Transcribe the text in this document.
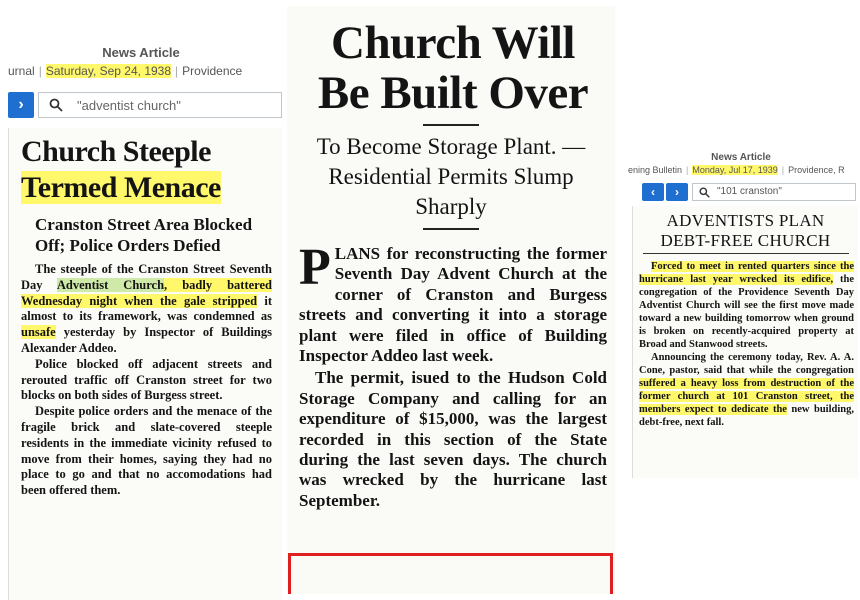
News Article
urnal | Saturday, Sep 24, 1938 | Providence
›	"adventist church"
Church Steeple
Termed Menace
Cranston Street Area Blocked Off; Police Orders Defied

The steeple of the Cranston Street Seventh Day Adventist Church, badly battered Wednesday night when the gale stripped it almost to its framework, was condemned as unsafe yesterday by Inspector of Buildings Alexander Addeo.

Police blocked off adjacent streets and rerouted traffic off Cranston street for two blocks on both sides of Burgess street.

Despite police orders and the menace of the fragile brick and slate-covered steeple residents in the immediate vicinity refused to move from their homes, saying they had no place to go and that no accomodations had been offered them.

Church Will
Be Built Over
To Become Storage Plant. —Residential Permits Slump Sharply

PLANS for reconstructing the former Seventh Day Advent Church at the corner of Cranston and Burgess streets and converting it into a storage plant were filed in office of Building Inspector Addeo last week.

The permit, isued to the Hudson Cold Storage Company and calling for an expenditure of $15,000, was the largest recorded in this section of the State during the last seven days. The church was wrecked by the hurricane last September.

News Article
ening Bulletin | Monday, Jul 17, 1939 | Providence, R
‹	›	"101 cranston"
ADVENTISTS PLAN
DEBT-FREE CHURCH

Forced to meet in rented quarters since the hurricane last year wrecked its edifice, the congregation of the Providence Seventh Day Adventist Church will see the first move made toward a new building tomorrow when ground is broken on recently-acquired property at Broad and Stanwood streets.

Announcing the ceremony today, Rev. A. A. Cone, pastor, said that while the congregation suffered a heavy loss from destruction of the former church at 101 Cranston street, the members expect to dedicate the new building, debt-free, next fall.
